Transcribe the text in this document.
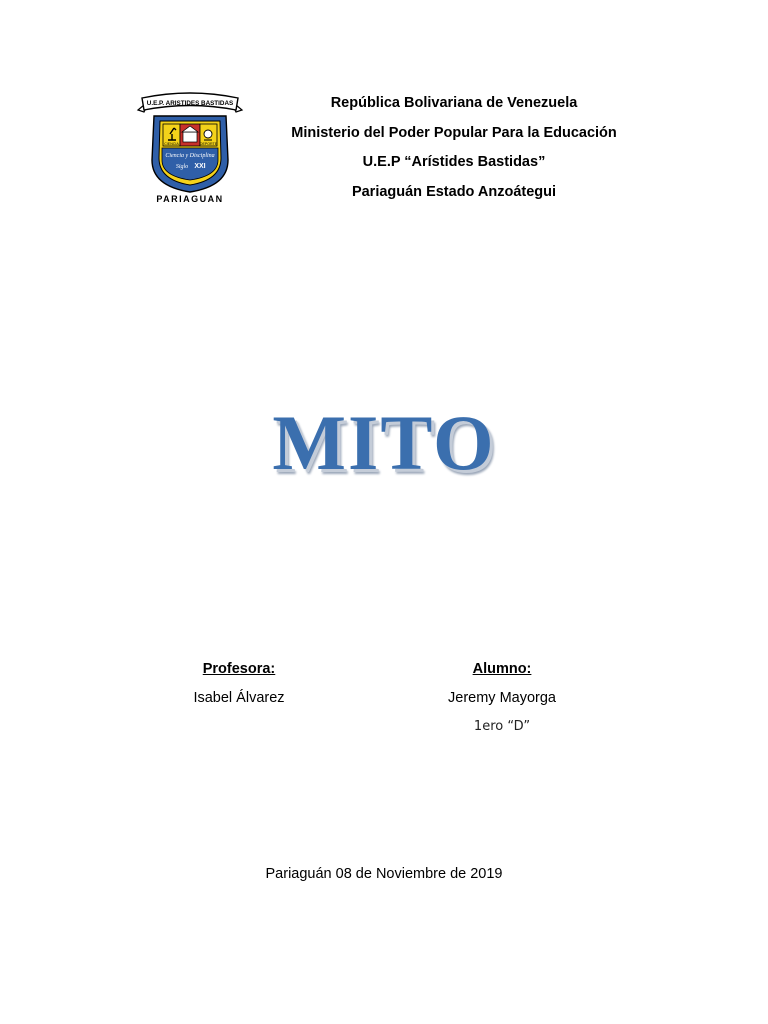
U.E.P. ARISTIDES BASTIDAS
CIENCIA	DEPORTE
Ciencia y Disciplina
Siglo XXI
PARIAGUAN
República Bolivariana de Venezuela
Ministerio del Poder Popular Para la Educación
U.E.P “Arístides Bastidas”
Pariaguán Estado Anzoátegui
MITO
Profesora:
Isabel Álvarez
Alumno:
Jeremy Mayorga
1ero “D”
Pariaguán 08 de Noviembre de 2019
